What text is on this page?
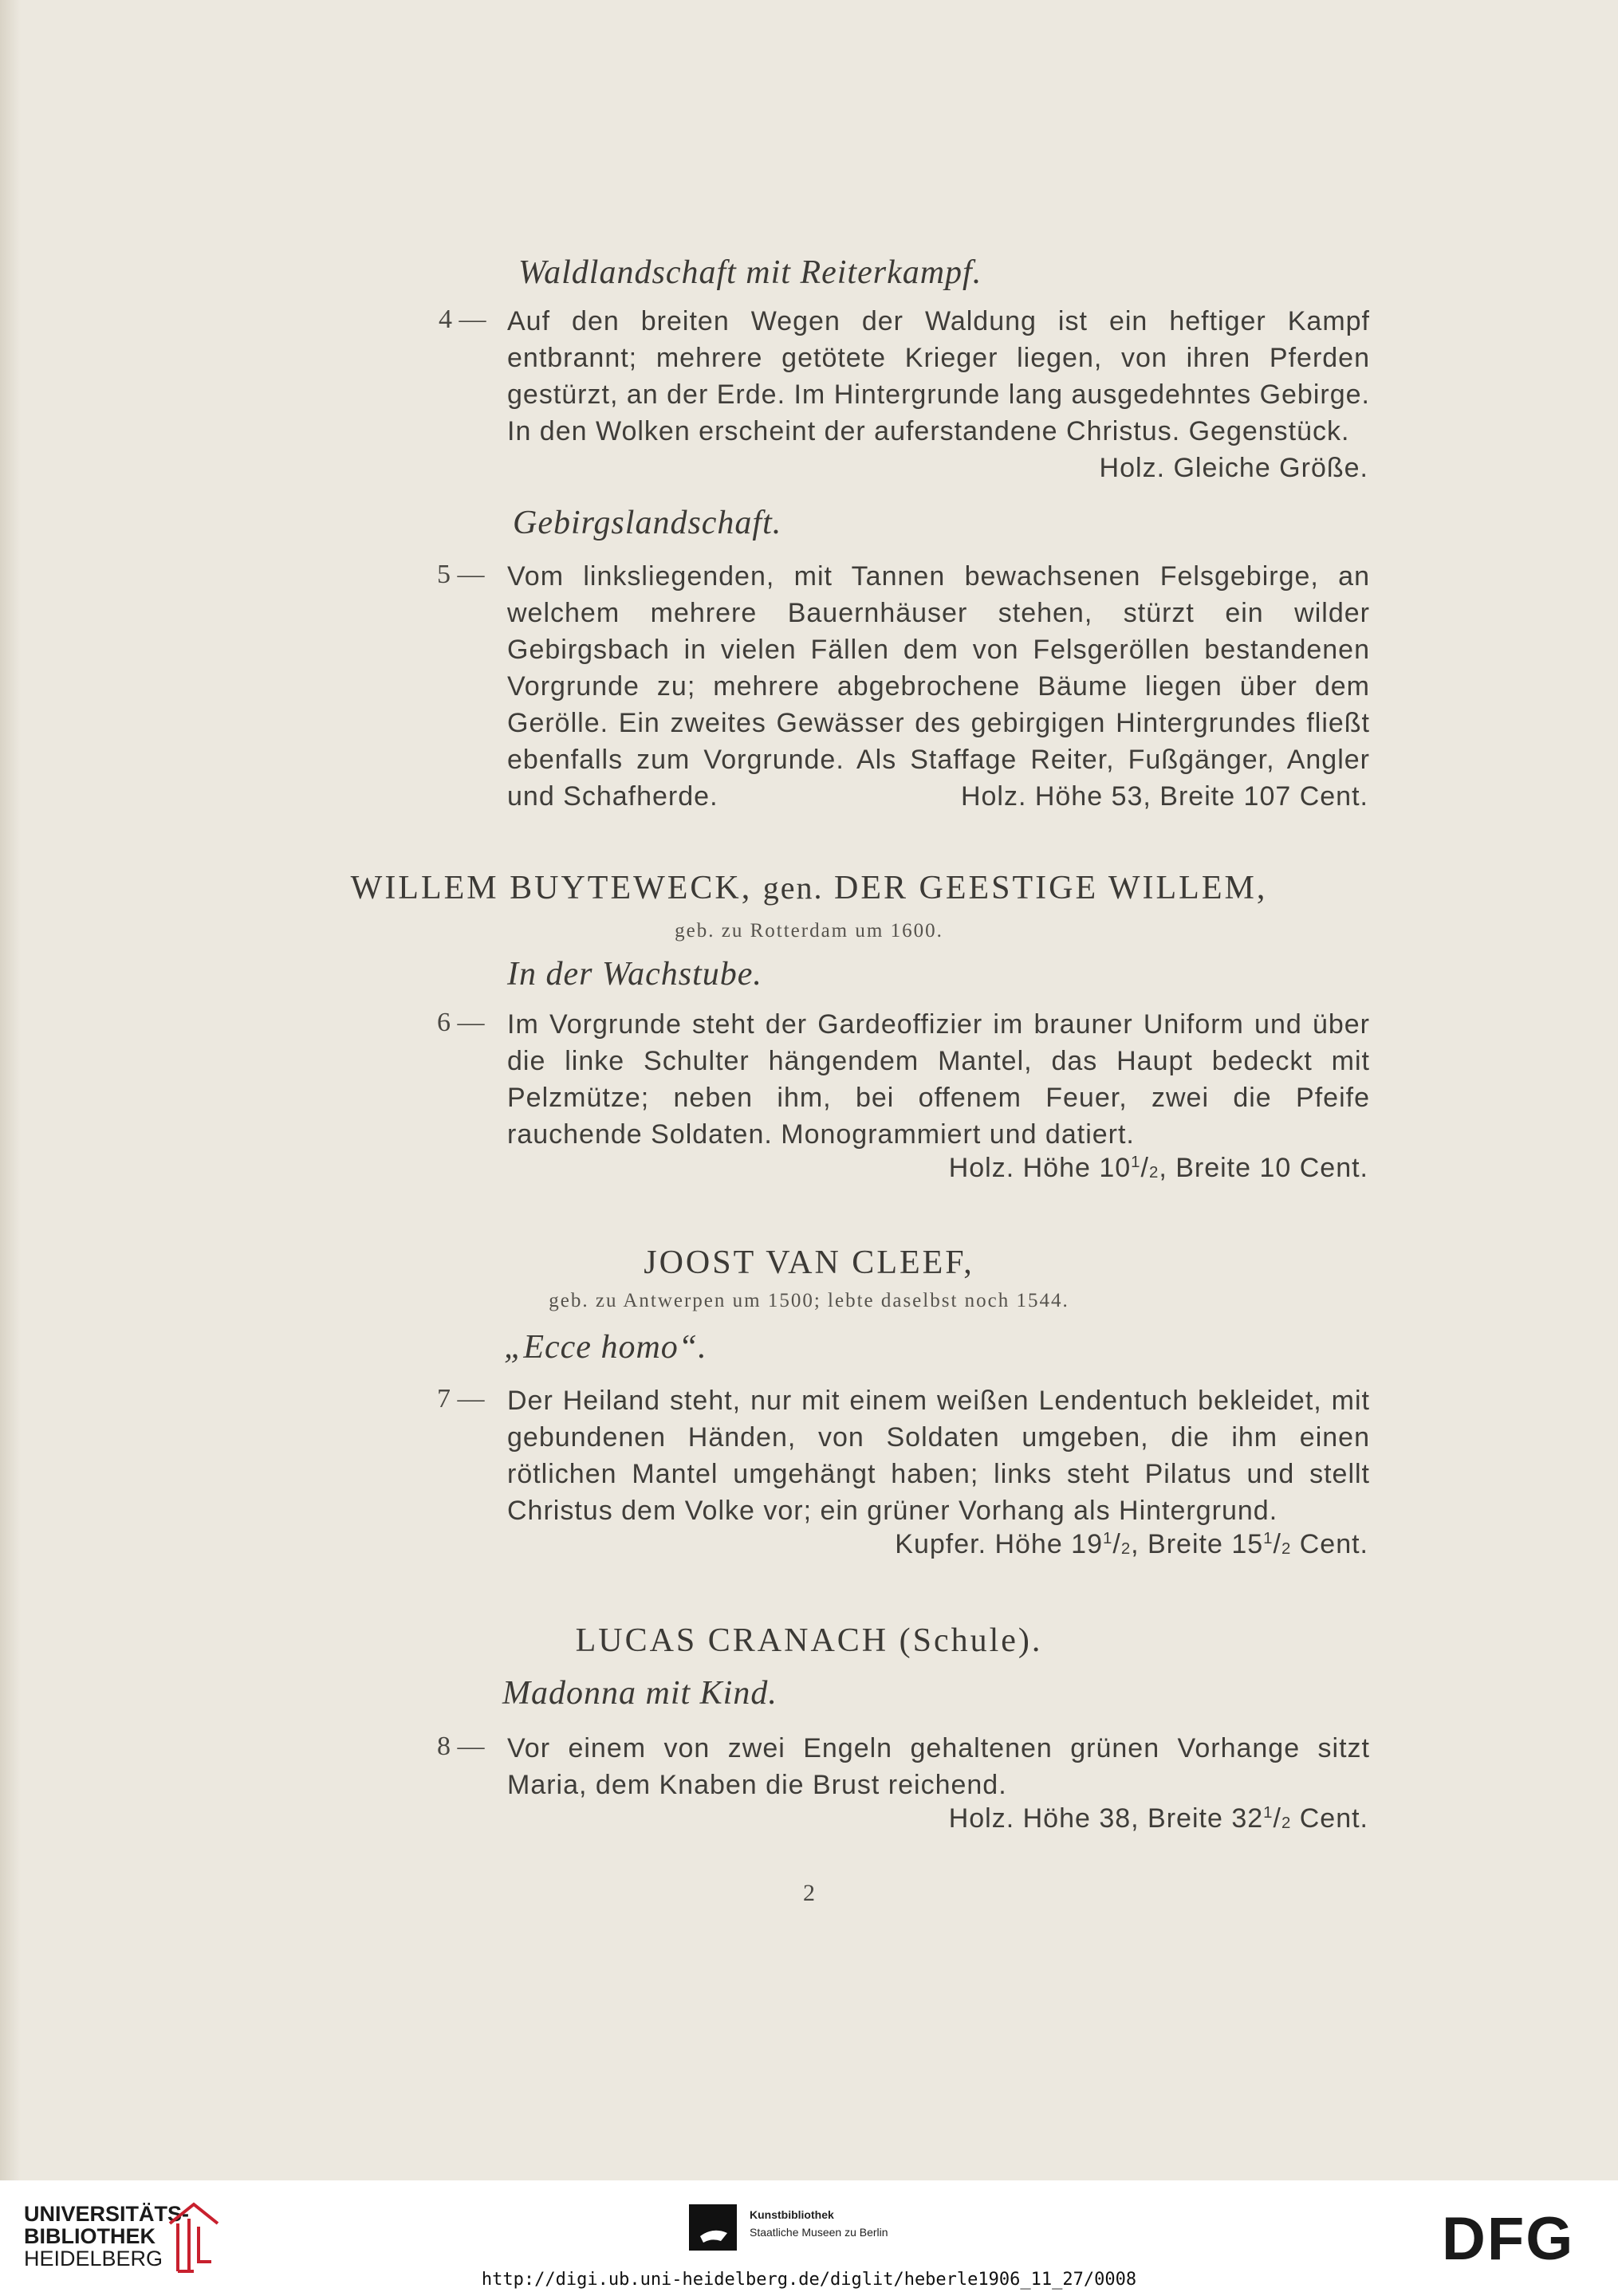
Waldlandschaft mit Reiterkampf.
4 — Auf den breiten Wegen der Waldung ist ein heftiger Kampf entbrannt; mehrere getötete Krieger liegen, von ihren Pferden gestürzt, an der Erde. Im Hintergrunde lang ausgedehntes Gebirge. In den Wolken erscheint der auferstandene Christus. Gegenstück.
Holz. Gleiche Größe.
Gebirgslandschaft.
5 — Vom linksliegenden, mit Tannen bewachsenen Felsgebirge, an welchem mehrere Bauernhäuser stehen, stürzt ein wilder Gebirgsbach in vielen Fällen dem von Felsgeröllen bestandenen Vorgrunde zu; mehrere abgebrochene Bäume liegen über dem Gerölle. Ein zweites Gewässer des gebirgigen Hintergrundes fließt ebenfalls zum Vorgrunde. Als Staffage Reiter, Fußgänger, Angler und Schafherde.	Holz. Höhe 53, Breite 107 Cent.
WILLEM BUYTEWECK, gen. DER GEESTIGE WILLEM,
geb. zu Rotterdam um 1600.
In der Wachstube.
6 — Im Vorgrunde steht der Gardeoffizier im brauner Uniform und über die linke Schulter hängendem Mantel, das Haupt bedeckt mit Pelzmütze; neben ihm, bei offenem Feuer, zwei die Pfeife rauchende Soldaten. Monogrammiert und datiert.
Holz. Höhe $10^1/_2$, Breite 10 Cent.
JOOST VAN CLEEF,
geb. zu Antwerpen um 1500; lebte daselbst noch 1544.
„Ecce homo“.
7 — Der Heiland steht, nur mit einem weißen Lendentuch bekleidet, mit gebundenen Händen, von Soldaten umgeben, die ihm einen rötlichen Mantel umgehängt haben; links steht Pilatus und stellt Christus dem Volke vor; ein grüner Vorhang als Hintergrund.
Kupfer. Höhe $19^1/_2$, Breite $15^1/_2$ Cent.
LUCAS CRANACH (Schule).
Madonna mit Kind.
8 — Vor einem von zwei Engeln gehaltenen grünen Vorhange sitzt Maria, dem Knaben die Brust reichend.
Holz. Höhe 38, Breite $32^1/_2$ Cent.
2
UNIVERSITÄTS-
BIBLIOTHEK
HEIDELBERG
Kunstbibliothek
Staatliche Museen zu Berlin	DFG
http://digi.ub.uni-heidelberg.de/diglit/heberle1906_11_27/0008
